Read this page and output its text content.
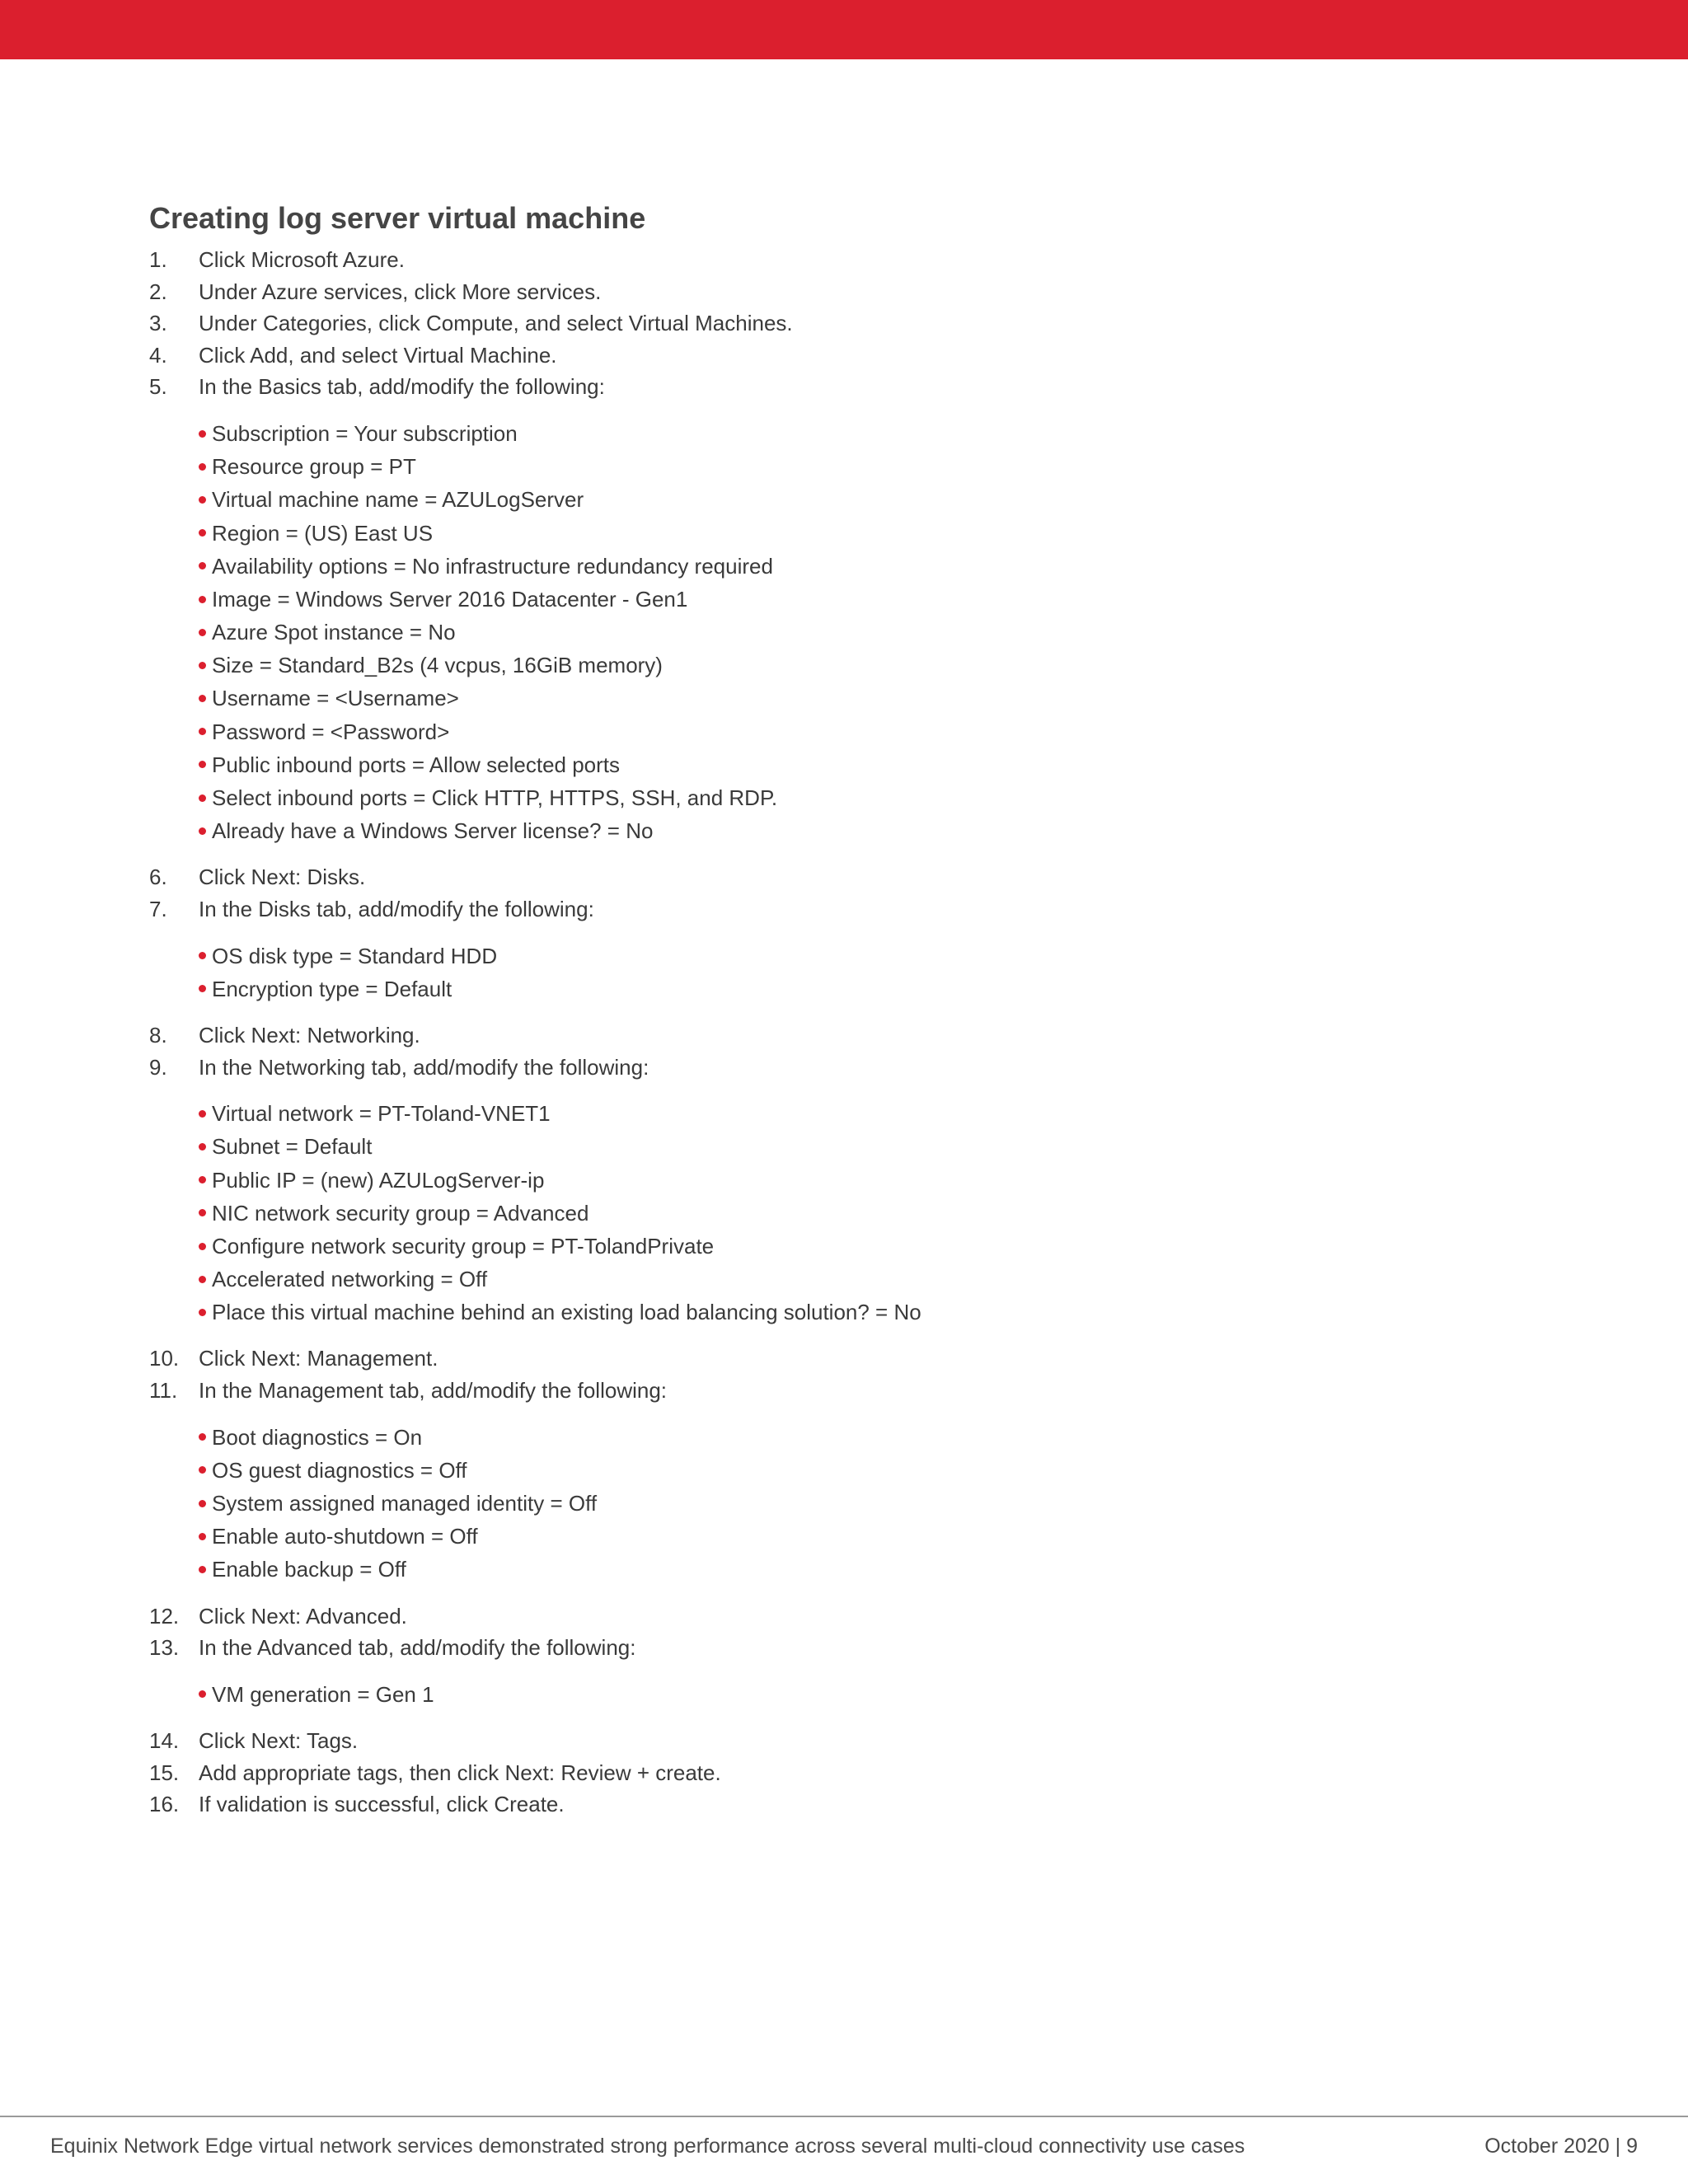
Creating log server virtual machine
1.	Click Microsoft Azure.
2.	Under Azure services, click More services.
3.	Under Categories, click Compute, and select Virtual Machines.
4.	Click Add, and select Virtual Machine.
5.	In the Basics tab, add/modify the following:
Subscription = Your subscription
Resource group = PT
Virtual machine name = AZULogServer
Region = (US) East US
Availability options = No infrastructure redundancy required
Image = Windows Server 2016 Datacenter - Gen1
Azure Spot instance = No
Size = Standard_B2s (4 vcpus, 16GiB memory)
Username = <Username>
Password = <Password>
Public inbound ports = Allow selected ports
Select inbound ports = Click HTTP, HTTPS, SSH, and RDP.
Already have a Windows Server license? = No
6.	Click Next: Disks.
7.	In the Disks tab, add/modify the following:
OS disk type = Standard HDD
Encryption type = Default
8.	Click Next: Networking.
9.	In the Networking tab, add/modify the following:
Virtual network = PT-Toland-VNET1
Subnet = Default
Public IP = (new) AZULogServer-ip
NIC network security group = Advanced
Configure network security group = PT-TolandPrivate
Accelerated networking = Off
Place this virtual machine behind an existing load balancing solution? = No
10. Click Next: Management.
11. In the Management tab, add/modify the following:
Boot diagnostics = On
OS guest diagnostics = Off
System assigned managed identity = Off
Enable auto-shutdown = Off
Enable backup = Off
12. Click Next: Advanced.
13. In the Advanced tab, add/modify the following:
VM generation = Gen 1
14. Click Next: Tags.
15. Add appropriate tags, then click Next: Review + create.
16. If validation is successful, click Create.
Equinix Network Edge virtual network services demonstrated strong performance across several multi-cloud connectivity use cases	October 2020 | 9
